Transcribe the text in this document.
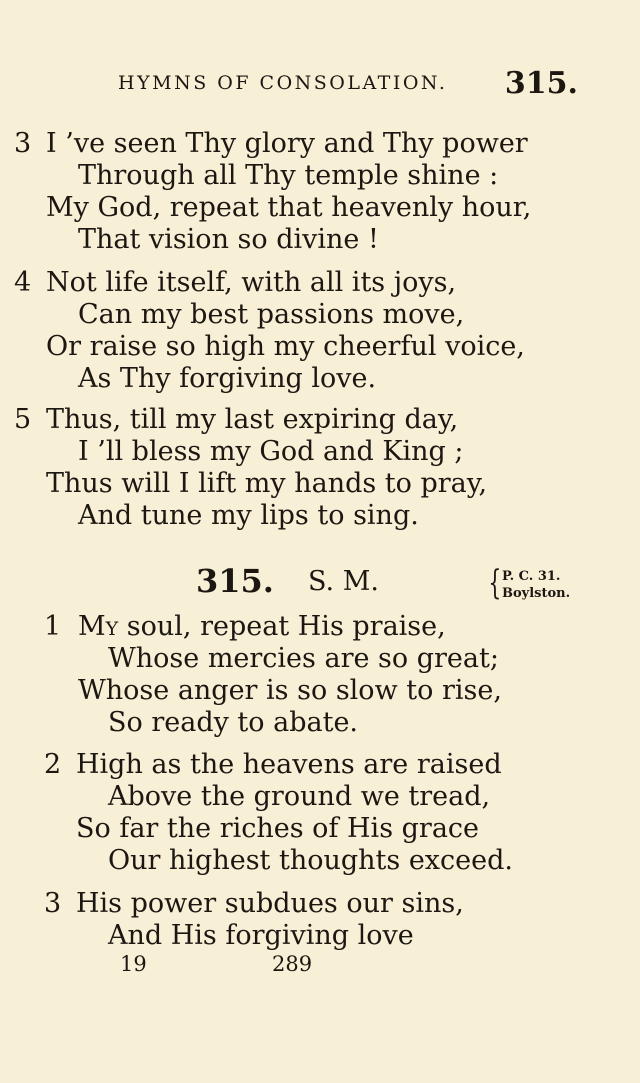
HYMNS OF CONSOLATION. 315.
3 I ’ve seen Thy glory and Thy power
Through all Thy temple shine :
My God, repeat that heavenly hour,
That vision so divine !
4 Not life itself, with all its joys,
Can my best passions move,
Or raise so high my cheerful voice,
As Thy forgiving love.
5 Thus, till my last expiring day,
I ’ll bless my God and King ;
Thus will I lift my hands to pray,
And tune my lips to sing.
315. S. M.	{ P. C. 31.
Boylston.
1 My soul, repeat His praise,
Whose mercies are so great;
Whose anger is so slow to rise,
So ready to abate.
2 High as the heavens are raised
Above the ground we tread,
So far the riches of His grace
Our highest thoughts exceed.
3 His power subdues our sins,
And His forgiving love
19	289
